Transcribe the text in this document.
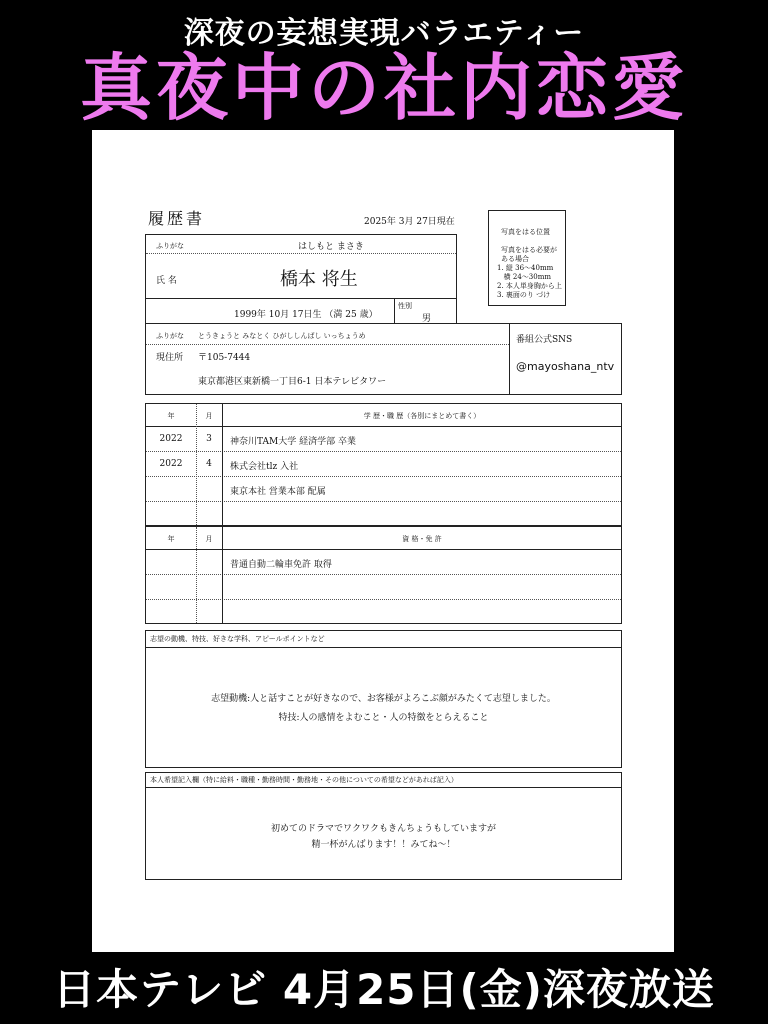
深夜の妄想実現バラエティー
真夜中の社内恋愛
履歴書	2025年 3月 27日現在
写真をはる位置
写真をはる必要が
ある場合
1. 縦 36〜40mm
横 24〜30mm
2. 本人単身胸から上
3. 裏面のり づけ
ふりがな	はしもと まさき
氏 名	橋本 将生
1999年 10月 17日生 （満 25 歳）
性別
男
ふりがな とうきょうと みなとく ひがししんばし いっちょうめ
現住所 〒105-7444
東京都港区東新橋一丁目6-1 日本テレビタワー
番組公式SNS
@mayoshana_ntv
年	月	学 歴・職 歴（各別にまとめて書く）
2022	3	神奈川TAM大学 経済学部 卒業
2022	4	株式会社tlz 入社
東京本社 営業本部 配属
年	月	資 格・免 許
普通自動二輪車免許 取得
志望の動機、特技、好きな学科、アピールポイントなど
志望動機:人と話すことが好きなので、お客様がよろこぶ顔がみたくて志望しました。
特技:人の感情をよむこと・人の特徴をとらえること
本人希望記入欄（特に給料・職種・勤務時間・勤務地・その他についての希望などがあれば記入）
初めてのドラマでワクワクもきんちょうもしていますが
精一杯がんばります！！みてね〜！
日本テレビ 4月25日(金)深夜放送
